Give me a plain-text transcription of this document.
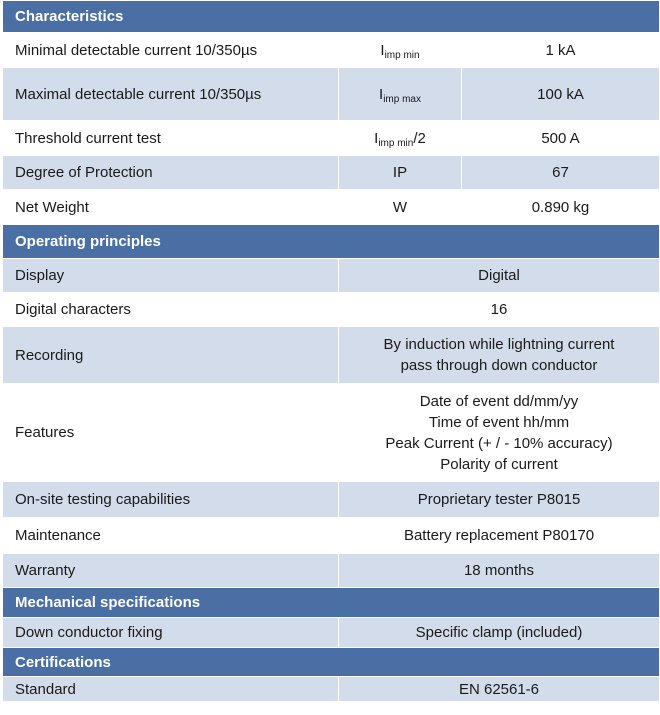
Characteristics		
Minimal detectable current 10/350µs	$I_{imp min}$	1 kA
Maximal detectable current 10/350µs	$I_{imp max}$	100 kA
Threshold current test	$I_{imp min}/2$	500 A
Degree of Protection	IP	67
Net Weight	W	0.890 kg
Operating principles		
Display	Digital	
Digital characters	16	
Recording	By induction while lightning current
pass through down conductor	

Features	Date of event dd/mm/yy
Time of event hh/mm
Peak Current (+ / - 10% accuracy)
Polarity of current	

On-site testing capabilities	Proprietary tester P8015	
Maintenance	Battery replacement P80170	
Warranty	18 months	
Mechanical specifications		
Down conductor fixing	Specific clamp (included)	
Certifications		
Standard	EN 62561-6	
